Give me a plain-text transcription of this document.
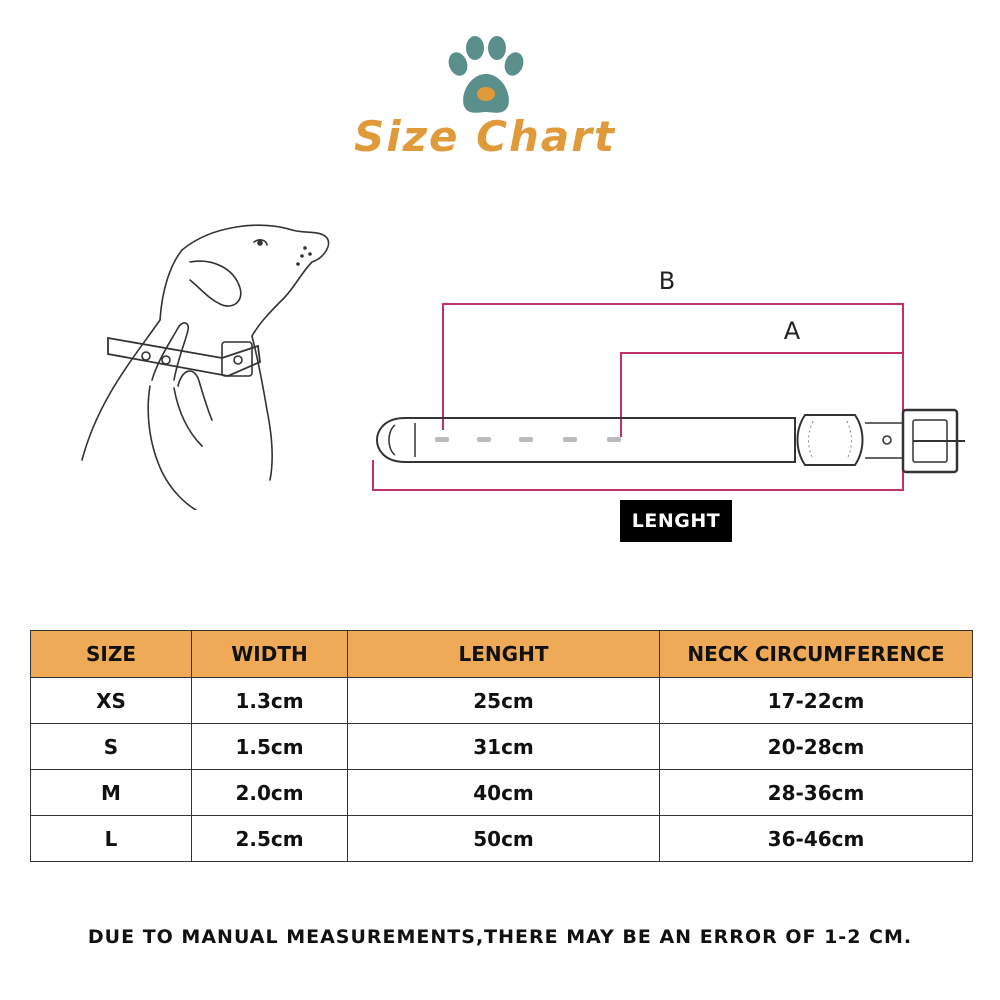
Size Chart
B
A
LENGHT
SIZE	WIDTH	LENGHT	NECK CIRCUMFERENCE
XS	1.3cm	25cm	17-22cm
S	1.5cm	31cm	20-28cm
M	2.0cm	40cm	28-36cm
L	2.5cm	50cm	36-46cm
DUE TO MANUAL MEASUREMENTS,THERE MAY BE AN ERROR OF 1-2 CM.
